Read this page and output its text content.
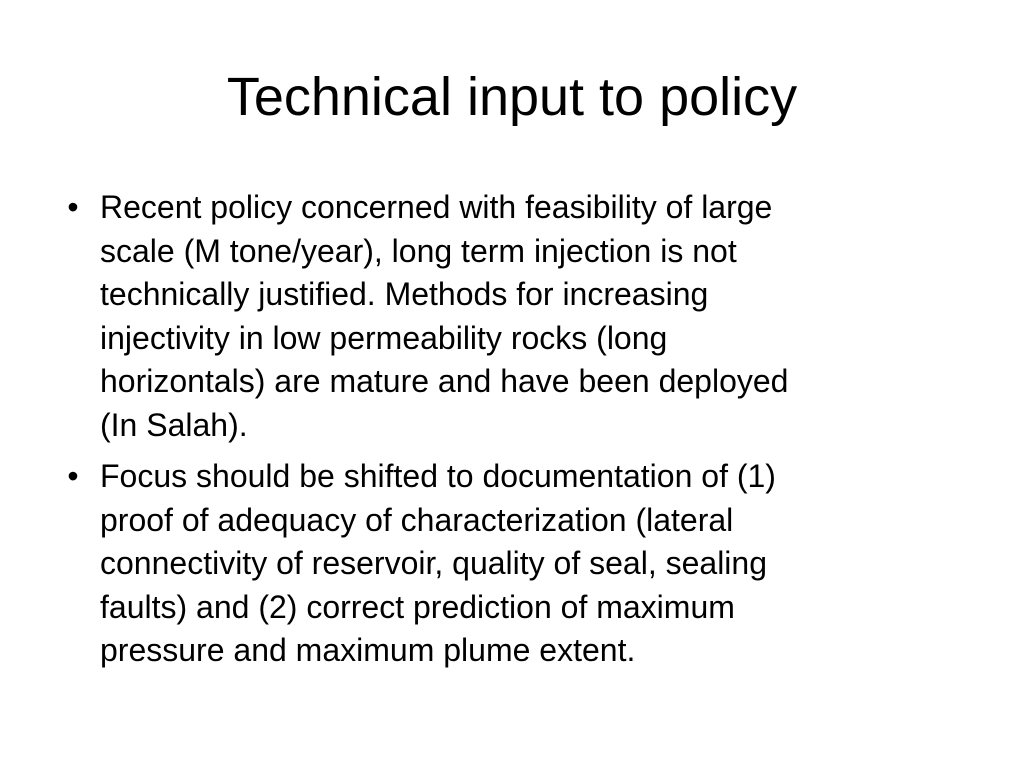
Technical input to policy
• Recent policy concerned with feasibility of large
scale (M tone/year), long term injection is not
technically justified. Methods for increasing
injectivity in low permeability rocks (long
horizontals) are mature and have been deployed
(In Salah).
• Focus should be shifted to documentation of (1)
proof of adequacy of characterization (lateral
connectivity of reservoir, quality of seal, sealing
faults) and (2) correct prediction of maximum
pressure and maximum plume extent.
